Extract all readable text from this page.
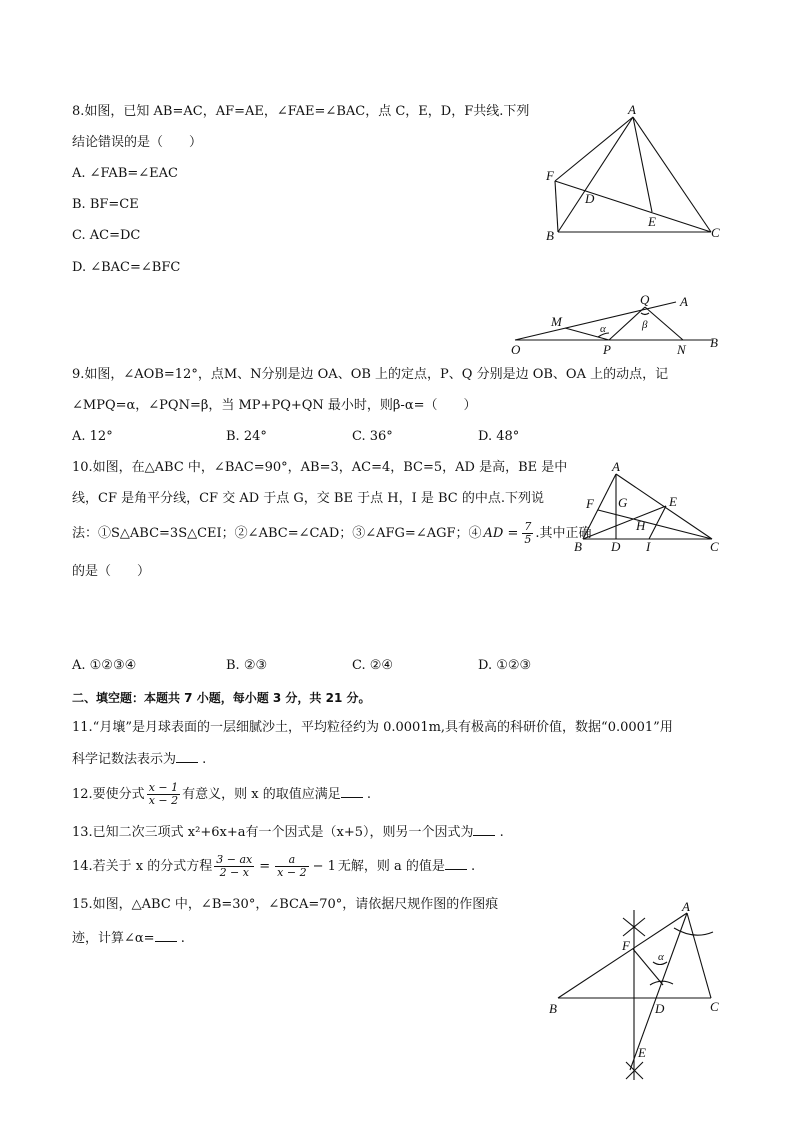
8.如图，已知 AB=AC，AF=AE，∠FAE=∠BAC，点 C，E，D，F共线.下列
结论错误的是（　　）
A. ∠FAB=∠EAC
B. BF=CE
C. AC=DC
D. ∠BAC=∠BFC
A
F
D
E
B	C
O
M
Q A
P	N B
α	β
9.如图，∠AOB=12°，点M、N分别是边 OA、OB 上的定点，P、Q 分别是边 OB、OA 上的动点，记
∠MPQ=α，∠PQN=β，当 MP+PQ+QN 最小时，则β-α=（　　）
A. 12°	B. 24°	C. 36°	D. 48°
10.如图，在△ABC 中，∠BAC=90°，AB=3，AC=4，BC=5，AD 是高，BE 是中
线，CF 是角平分线，CF 交 AD 于点 G，交 BE 于点 H，I 是 BC 的中点.下列说
法：①S△ABC=3S△CEI；②∠ABC=∠CAD；③∠AFG=∠AGF；④ AD = $\frac{7}{5}$ .其中正确
的是（　　）
A
F G	E
H
B D I	C
A. ①②③④	B. ②③	C. ②④	D. ①②③
二、填空题：本题共 7 小题，每小题 3 分，共 21 分。
11.“月壤”是月球表面的一层细腻沙土，平均粒径约为 0.0001m,具有极高的科研价值，数据“0.0001”用
科学记数法表示为 .
12.要使分式 $\frac{x - 1}{x - 2}$ 有意义，则 x 的取值应满足 .
13.已知二次三项式 x²+6x+a有一个因式是（x+5），则另一个因式为 .
14.若关于 x 的分式方程 $\frac{3 - ax}{2 - x} = \frac{a}{x - 2} - 1$ 无解，则 a 的值是 .
15.如图，△ABC 中，∠B=30°，∠BCA=70°，请依据尺规作图的作图痕
迹，计算∠α= .
A
F
α
B	D	C
E
